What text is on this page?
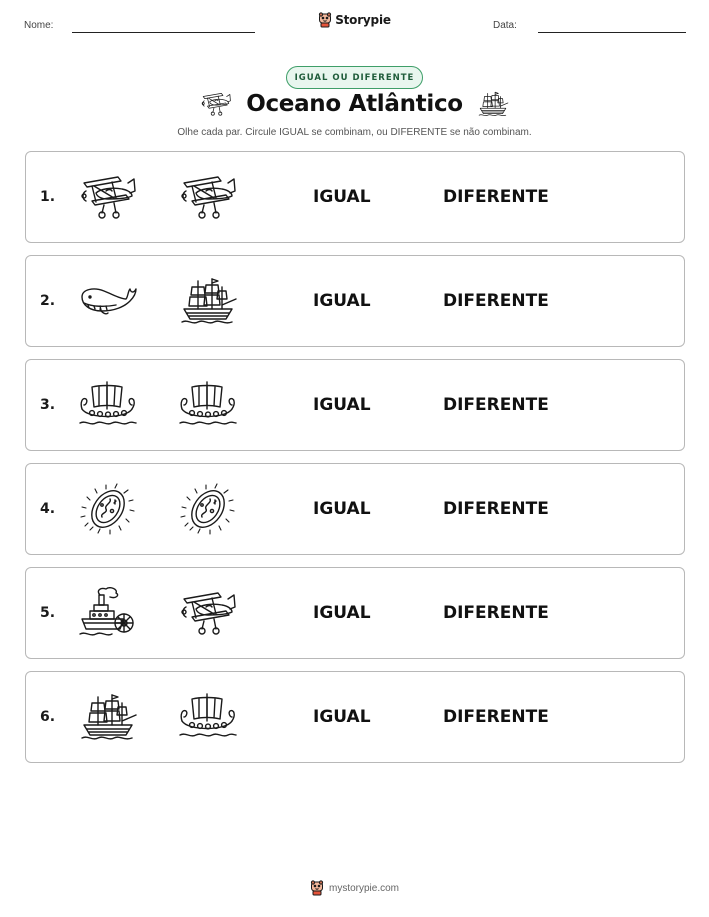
Nome:	Storypie	Data:
IGUAL OU DIFERENTE
Oceano Atlântico
Olhe cada par. Circule IGUAL se combinam, ou DIFERENTE se não combinam.
1.	IGUAL	DIFERENTE
2.	IGUAL	DIFERENTE
3.	IGUAL	DIFERENTE
4.	IGUAL	DIFERENTE
5.	IGUAL	DIFERENTE
6.	IGUAL	DIFERENTE
mystorypie.com
